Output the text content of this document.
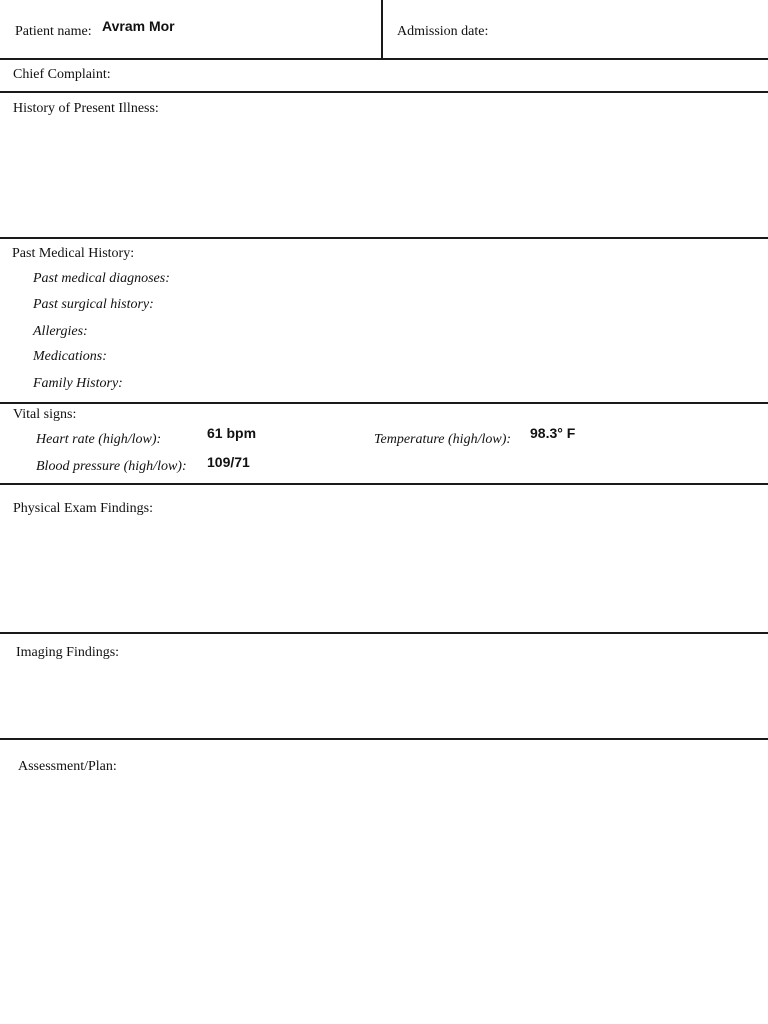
Patient name: Avram Mor	Admission date:
Chief Complaint:
History of Present Illness:
Past Medical History:
Past medical diagnoses:
Past surgical history:
Allergies:
Medications:
Family History:
Vital signs:
Heart rate (high/low):	61 bpm	Temperature (high/low): 98.3° F
Blood pressure (high/low): 109/71
Physical Exam Findings:
Imaging Findings:
Assessment/Plan:
